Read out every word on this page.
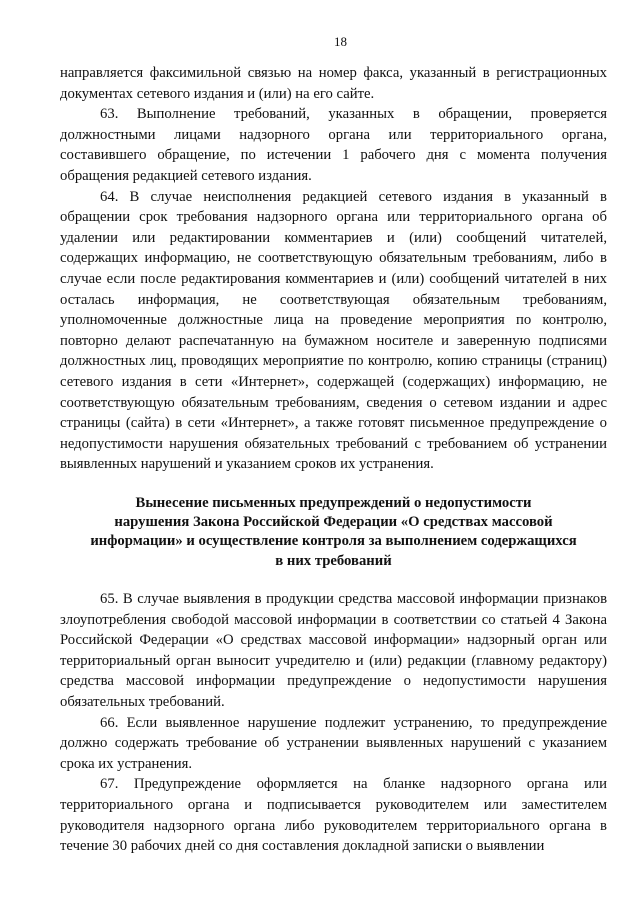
18

направляется факсимильной связью на номер факса, указанный в регистрационных документах сетевого издания и (или) на его сайте.

63. Выполнение требований, указанных в обращении, проверяется должностными лицами надзорного органа или территориального органа, составившего обращение, по истечении 1 рабочего дня с момента получения обращения редакцией сетевого издания.

64. В случае неисполнения редакцией сетевого издания в указанный в обращении срок требования надзорного органа или территориального органа об удалении или редактировании комментариев и (или) сообщений читателей, содержащих информацию, не соответствующую обязательным требованиям, либо в случае если после редактирования комментариев и (или) сообщений читателей в них осталась информация, не соответствующая обязательным требованиям, уполномоченные должностные лица на проведение мероприятия по контролю, повторно делают распечатанную на бумажном носителе и заверенную подписями должностных лиц, проводящих мероприятие по контролю, копию страницы (страниц) сетевого издания в сети «Интернет», содержащей (содержащих) информацию, не соответствующую обязательным требованиям, сведения о сетевом издании и адрес страницы (сайта) в сети «Интернет», а также готовят письменное предупреждение о недопустимости нарушения обязательных требований с требованием об устранении выявленных нарушений и указанием сроков их устранения.

Вынесение письменных предупреждений о недопустимости
нарушения Закона Российской Федерации «О средствах массовой
информации» и осуществление контроля за выполнением содержащихся
в них требований

65. В случае выявления в продукции средства массовой информации признаков злоупотребления свободой массовой информации в соответствии со статьей 4 Закона Российской Федерации «О средствах массовой информации» надзорный орган или территориальный орган выносит учредителю и (или) редакции (главному редактору) средства массовой информации предупреждение о недопустимости нарушения обязательных требований.

66. Если выявленное нарушение подлежит устранению, то предупреждение должно содержать требование об устранении выявленных нарушений с указанием срока их устранения.

67. Предупреждение оформляется на бланке надзорного органа или территориального органа и подписывается руководителем или заместителем руководителя надзорного органа либо руководителем территориального органа в течение 30 рабочих дней со дня составления докладной записки о выявлении
